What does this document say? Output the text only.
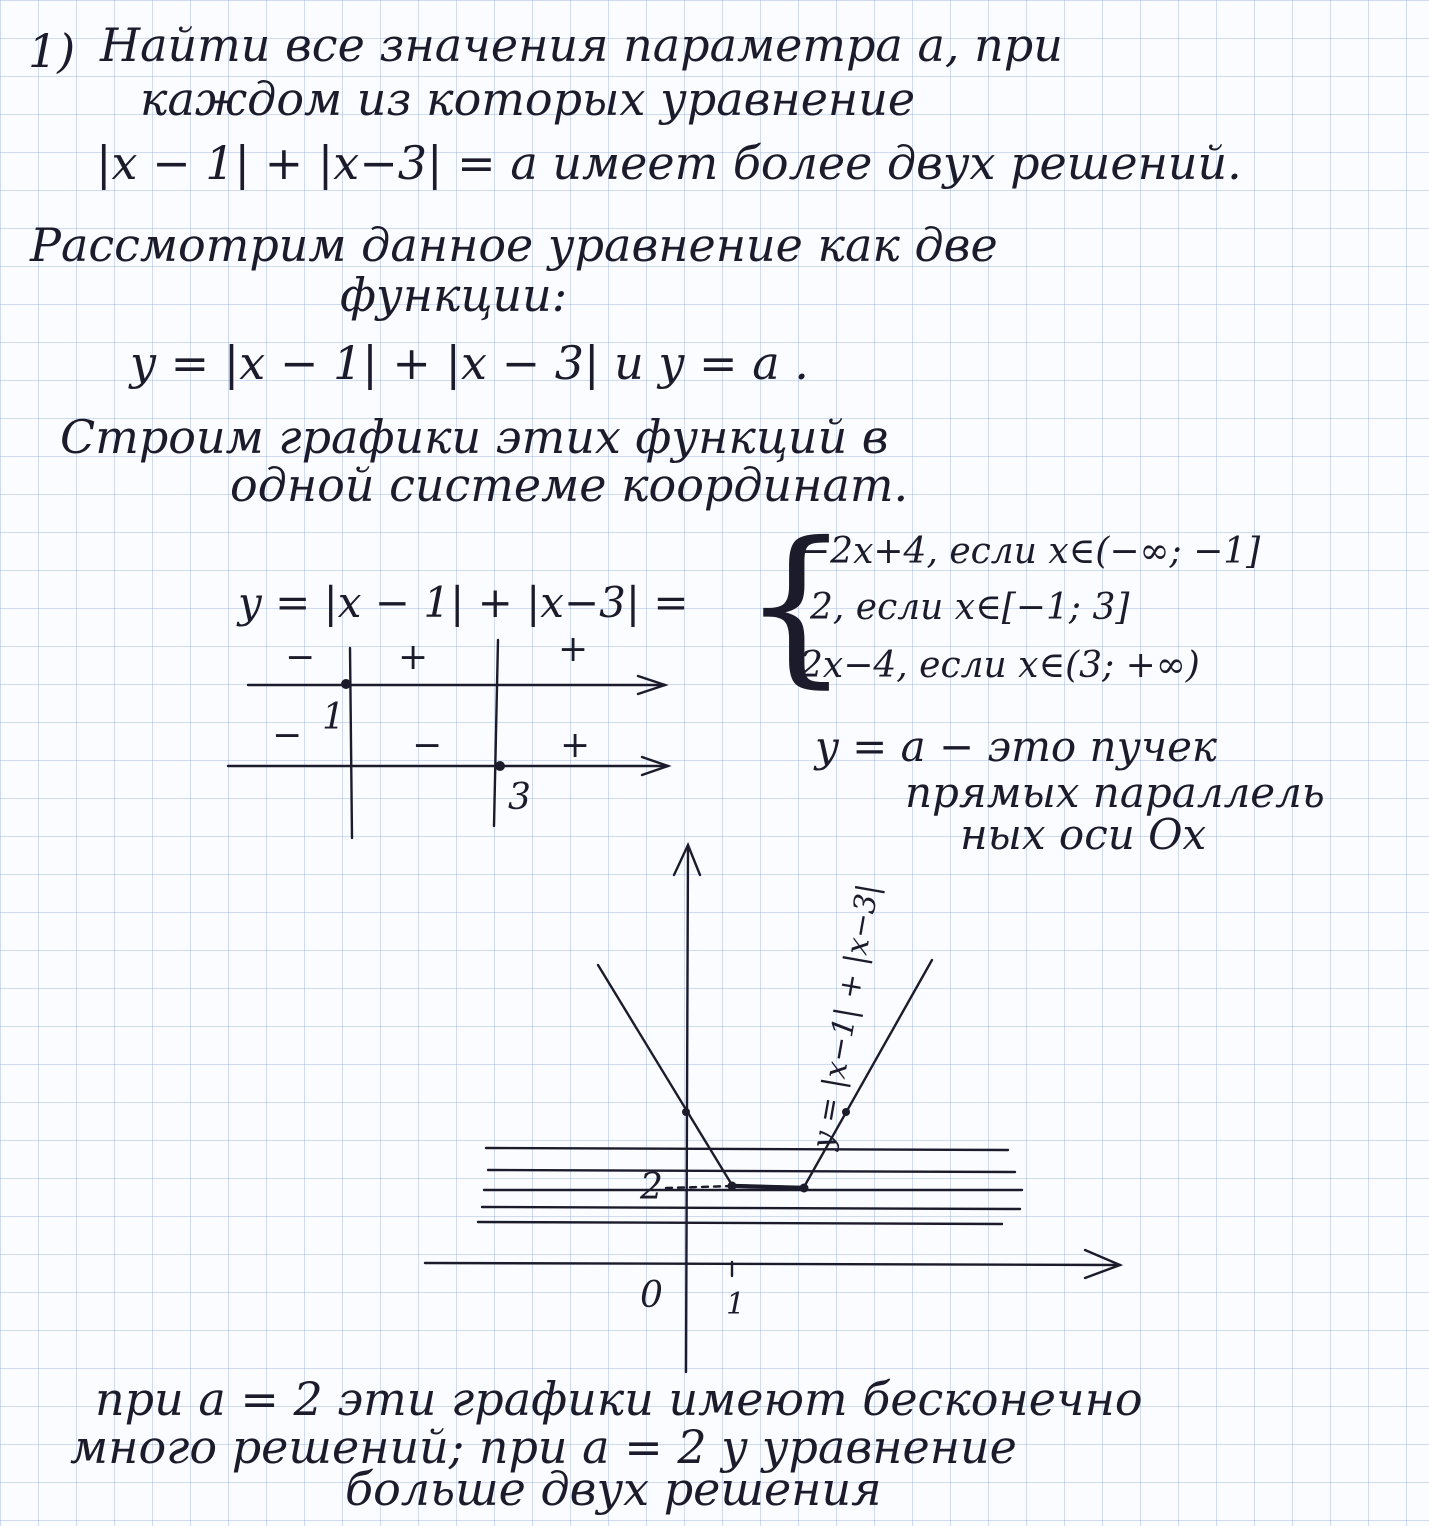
1) Найти все значения параметра a, при
каждом из которых уравнение
|x − 1| + |x−3| = a имеет более двух решений.
Рассмотрим данное уравнение как две
функции:
y = |x − 1| + |x − 3| и y = a .
Строим графики этих функций в
одной системе координат.
y = |x − 1| + |x−3| = {
−2x+4, если x∈(−∞; −1]
2, если x∈[−1; 3]
2x−4, если x∈(3; +∞)
− +	+
1
−	−	+
3
y = a − это пучек
прямых параллель
ных оси Ox
y = |x−1| + |x−3|
2
0 1
при a = 2 эти графики имеют бесконечно
много решений; при a = 2 y уравнение
больше двух решения
